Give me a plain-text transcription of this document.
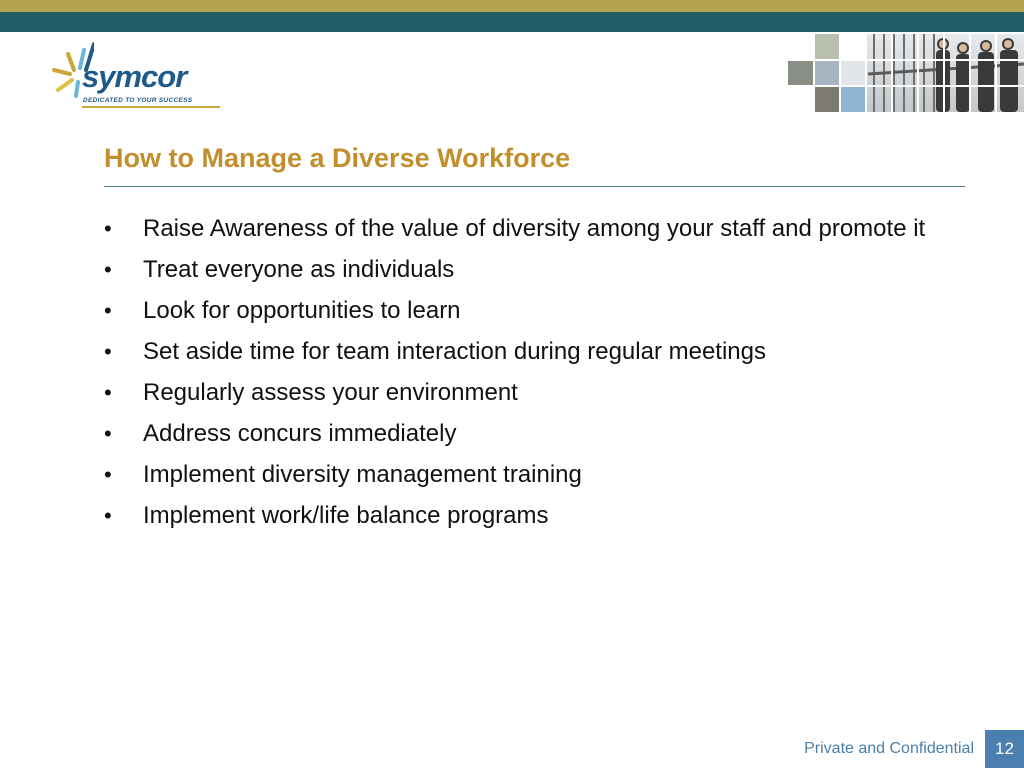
symcor
DEDICATED TO YOUR SUCCESS
How to Manage a Diverse Workforce
•	Raise Awareness of the value of diversity among your staff and promote it
•	Treat everyone as individuals
•	Look for opportunities to learn
•	Set aside time for team interaction during regular meetings
•	Regularly assess your environment
•	Address concurs immediately
•	Implement diversity management training
•	Implement work/life balance programs
Private and Confidential	12
